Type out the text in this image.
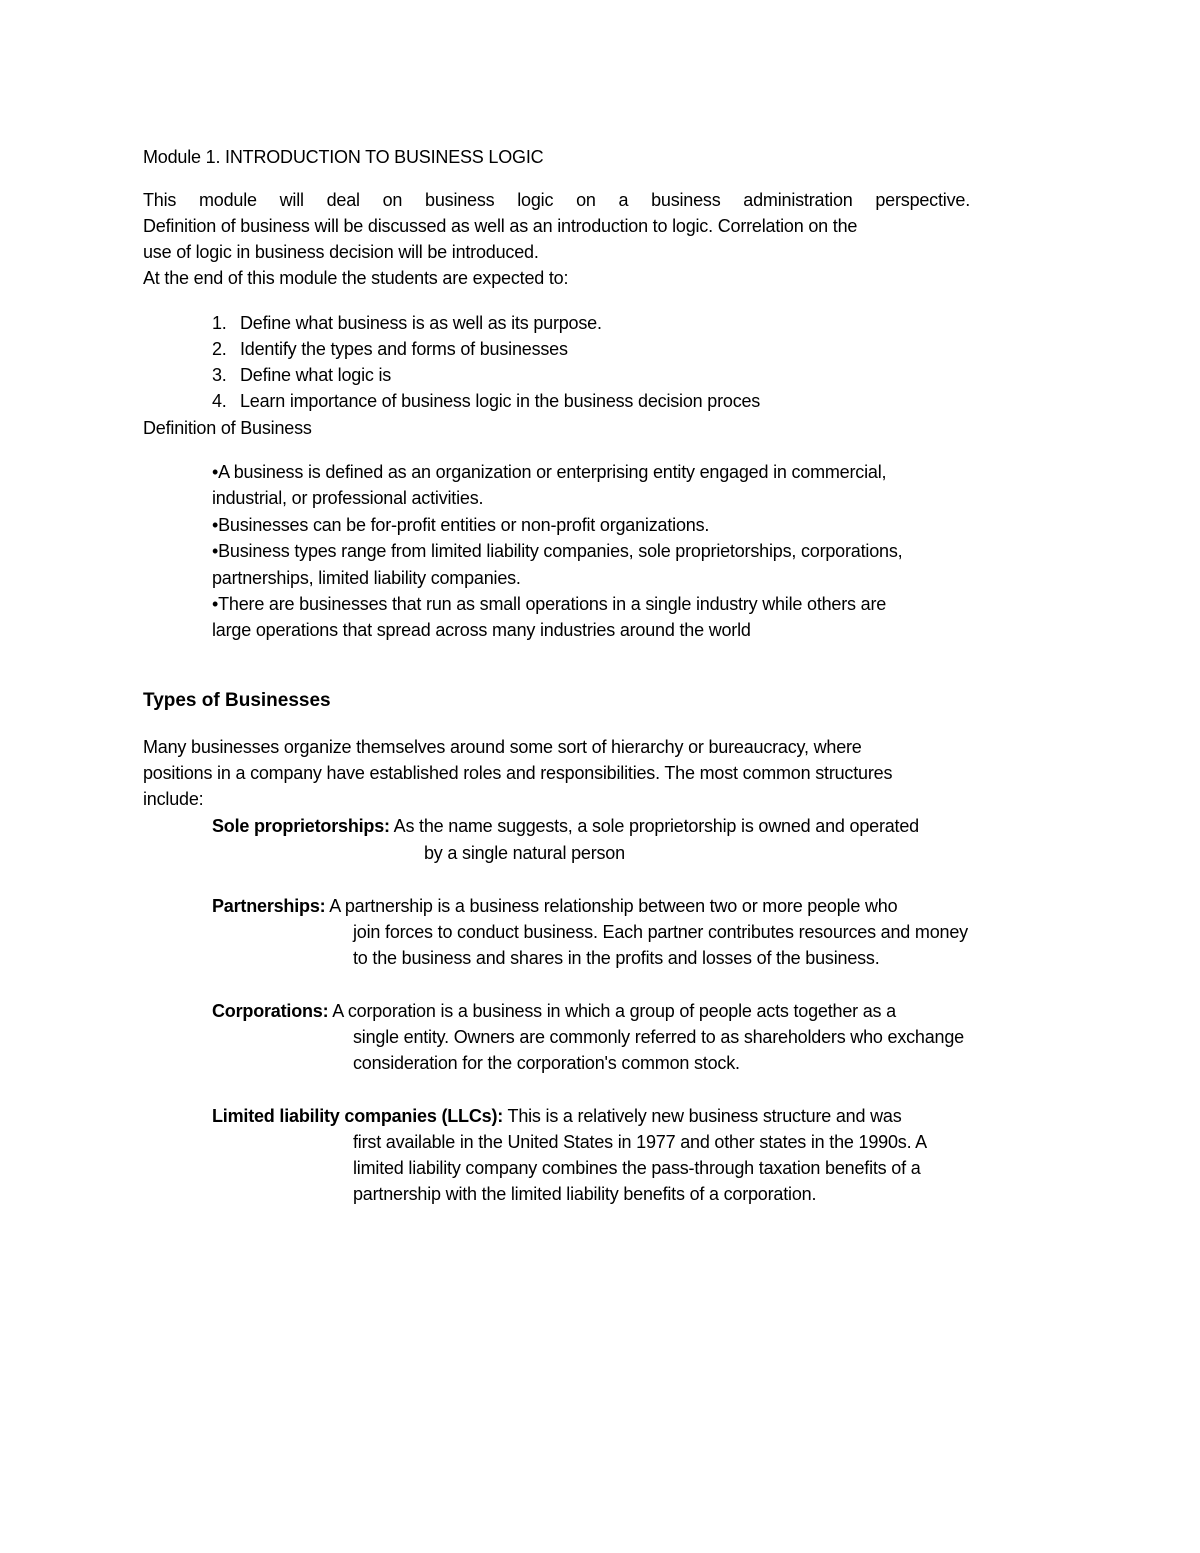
Module 1. INTRODUCTION TO BUSINESS LOGIC
This module will deal on business logic on a business administration perspective.
Definition of business will be discussed as well as an introduction to logic. Correlation on the
use of logic in business decision will be introduced.
At the end of this module the students are expected to:
1. Define what business is as well as its purpose.
2. Identify the types and forms of businesses
3. Define what logic is
4. Learn importance of business logic in the business decision proces
Definition of Business
•A business is defined as an organization or enterprising entity engaged in commercial,
industrial, or professional activities.
•Businesses can be for-profit entities or non-profit organizations.
•Business types range from limited liability companies, sole proprietorships, corporations,
partnerships, limited liability companies.
•There are businesses that run as small operations in a single industry while others are
large operations that spread across many industries around the world
Types of Businesses
Many businesses organize themselves around some sort of hierarchy or bureaucracy, where
positions in a company have established roles and responsibilities. The most common structures
include:
Sole proprietorships: As the name suggests, a sole proprietorship is owned and operated
by a single natural person
Partnerships: A partnership is a business relationship between two or more people who
join forces to conduct business. Each partner contributes resources and money
to the business and shares in the profits and losses of the business.
Corporations: A corporation is a business in which a group of people acts together as a
single entity. Owners are commonly referred to as shareholders who exchange
consideration for the corporation's common stock.
Limited liability companies (LLCs): This is a relatively new business structure and was
first available in the United States in 1977 and other states in the 1990s. A
limited liability company combines the pass-through taxation benefits of a
partnership with the limited liability benefits of a corporation.
